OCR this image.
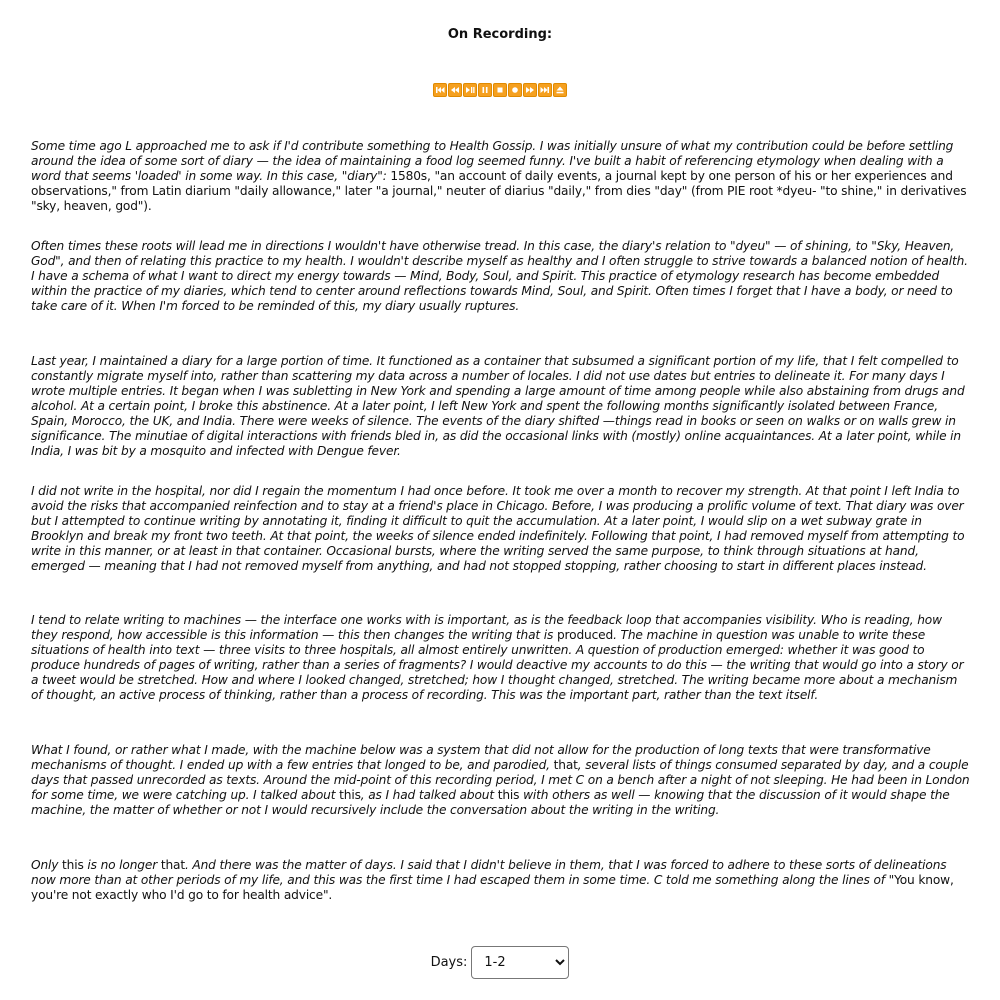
On Recording:

Some time ago L approached me to ask if I'd contribute something to Health Gossip. I was initially unsure of what my contribution could be before settling around the idea of some sort of diary — the idea of maintaining a food log seemed funny. I've built a habit of referencing etymology when dealing with a word that seems 'loaded' in some way. In this case, "diary": 1580s, "an account of daily events, a journal kept by one person of his or her experiences and observations," from Latin diarium "daily allowance," later "a journal," neuter of diarius "daily," from dies "day" (from PIE root *dyeu- "to shine," in derivatives "sky, heaven, god").

Often times these roots will lead me in directions I wouldn't have otherwise tread. In this case, the diary's relation to "dyeu" — of shining, to "Sky, Heaven, God", and then of relating this practice to my health. I wouldn't describe myself as healthy and I often struggle to strive towards a balanced notion of health. I have a schema of what I want to direct my energy towards — Mind, Body, Soul, and Spirit. This practice of etymology research has become embedded within the practice of my diaries, which tend to center around reflections towards Mind, Soul, and Spirit. Often times I forget that I have a body, or need to take care of it. When I'm forced to be reminded of this, my diary usually ruptures.

Last year, I maintained a diary for a large portion of time. It functioned as a container that subsumed a significant portion of my life, that I felt compelled to constantly migrate myself into, rather than scattering my data across a number of locales. I did not use dates but entries to delineate it. For many days I wrote multiple entries. It began when I was subletting in New York and spending a large amount of time among people while also abstaining from drugs and alcohol. At a certain point, I broke this abstinence. At a later point, I left New York and spent the following months significantly isolated between France, Spain, Morocco, the UK, and India. There were weeks of silence. The events of the diary shifted —things read in books or seen on walks or on walls grew in significance. The minutiae of digital interactions with friends bled in, as did the occasional links with (mostly) online acquaintances. At a later point, while in India, I was bit by a mosquito and infected with Dengue fever.

I did not write in the hospital, nor did I regain the momentum I had once before. It took me over a month to recover my strength. At that point I left India to avoid the risks that accompanied reinfection and to stay at a friend's place in Chicago. Before, I was producing a prolific volume of text. That diary was over but I attempted to continue writing by annotating it, finding it difficult to quit the accumulation. At a later point, I would slip on a wet subway grate in Brooklyn and break my front two teeth. At that point, the weeks of silence ended indefinitely. Following that point, I had removed myself from attempting to write in this manner, or at least in that container. Occasional bursts, where the writing served the same purpose, to think through situations at hand, emerged — meaning that I had not removed myself from anything, and had not stopped stopping, rather choosing to start in different places instead.

I tend to relate writing to machines — the interface one works with is important, as is the feedback loop that accompanies visibility. Who is reading, how they respond, how accessible is this information — this then changes the writing that is produced. The machine in question was unable to write these situations of health into text — three visits to three hospitals, all almost entirely unwritten. A question of production emerged: whether it was good to produce hundreds of pages of writing, rather than a series of fragments? I would deactive my accounts to do this — the writing that would go into a story or a tweet would be stretched. How and where I looked changed, stretched; how I thought changed, stretched. The writing became more about a mechanism of thought, an active process of thinking, rather than a process of recording. This was the important part, rather than the text itself.

What I found, or rather what I made, with the machine below was a system that did not allow for the production of long texts that were transformative mechanisms of thought. I ended up with a few entries that longed to be, and parodied, that, several lists of things consumed separated by day, and a couple days that passed unrecorded as texts. Around the mid-point of this recording period, I met C on a bench after a night of not sleeping. He had been in London for some time, we were catching up. I talked about this, as I had talked about this with others as well — knowing that the discussion of it would shape the machine, the matter of whether or not I would recursively include the conversation about the writing in the writing.

Only this is no longer that. And there was the matter of days. I said that I didn't believe in them, that I was forced to adhere to these sorts of delineations now more than at other periods of my life, and this was the first time I had escaped them in some time. C told me something along the lines of "You know, you're not exactly who I'd go to for health advice".

Days:
1-2
